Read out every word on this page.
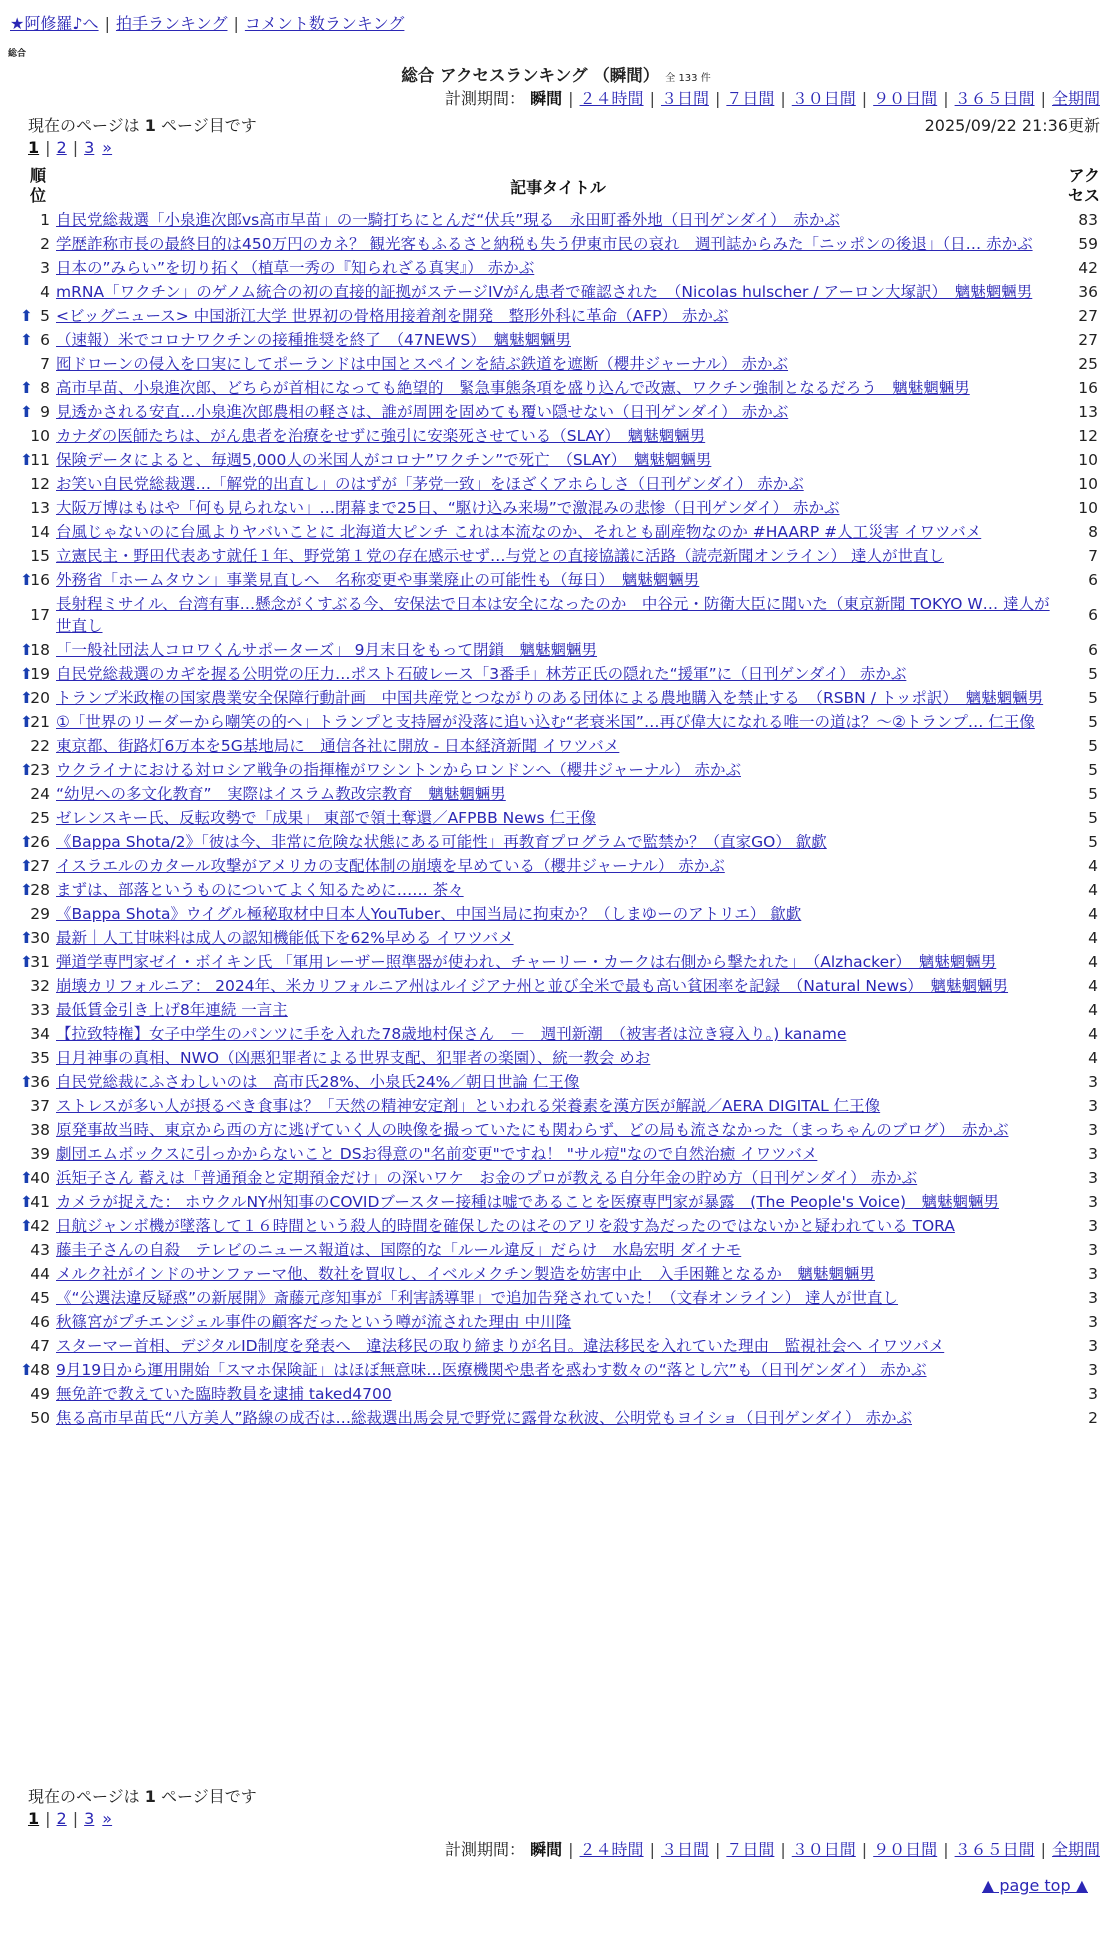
★阿修羅♪へ | 拍手ランキング | コメント数ランキング
総合
総合 アクセスランキング （瞬間） 全 133 件
計測期間： 瞬間 | ２４時間 | ３日間 | ７日間 | ３０日間 | ９０日間 | ３６５日間 | 全期間
現在のページは 1 ページ目です	2025/09/22 21:36更新
1 | 2 | 3 »
順位		記事タイトル	アクセス
	1	自民党総裁選「小泉進次郎vs高市早苗」の一騎打ちにとんだ“伏兵”現る　永田町番外地（日刊ゲンダイ）　赤かぶ	83
	2	学歴詐称市長の最終目的は450万円のカネ？ 観光客もふるさと納税も失う伊東市民の哀れ　週刊誌からみた「ニッポンの後退」（日… 赤かぶ	59
	3	日本の”みらい”を切り拓く（植草一秀の『知られざる真実』） 赤かぶ	42
	4	mRNA「ワクチン」のゲノム統合の初の直接的証拠がステージIVがん患者で確認された　（Nicolas hulscher / アーロン大塚訳）　魑魅魍魎男	36
⬆	5	<ビッグニュース> 中国浙江大学 世界初の骨格用接着剤を開発　整形外科に革命（AFP） 赤かぶ	27
⬆	6	（速報）米でコロナワクチンの接種推奨を終了　（47NEWS）　魑魅魍魎男	27
	7	囮ドローンの侵入を口実にしてポーランドは中国とスペインを結ぶ鉄道を遮断（櫻井ジャーナル） 赤かぶ	25
⬆	8	高市早苗、小泉進次郎、どちらが首相になっても絶望的　緊急事態条項を盛り込んで改憲、ワクチン強制となるだろう　魑魅魍魎男	16
⬆	9	見透かされる安直…小泉進次郎農相の軽さは、誰が周囲を固めても覆い隠せない（日刊ゲンダイ） 赤かぶ	13
	10	カナダの医師たちは、がん患者を治療をせずに強引に安楽死させている（SLAY）　魑魅魍魎男	12
⬆	11	保険データによると、毎週5,000人の米国人がコロナ”ワクチン”で死亡　（SLAY）　魑魅魍魎男	10
	12	お笑い自民党総裁選…「解党的出直し」のはずが「茅党一致」をほざくアホらしさ（日刊ゲンダイ） 赤かぶ	10
	13	大阪万博はもはや「何も見られない」…閉幕まで25日、“駆け込み来場”で激混みの悲惨（日刊ゲンダイ） 赤かぶ	10
	14	台風じゃないのに台風よりヤバいことに 北海道大ピンチ これは本流なのか、それとも副産物なのか #HAARP #人工災害 イワツバメ	8
	15	立憲民主・野田代表あす就任１年、野党第１党の存在感示せず…与党との直接協議に活路（読売新聞オンライン） 達人が世直し	7
⬆	16	外務省「ホームタウン」事業見直しへ　名称変更や事業廃止の可能性も（毎日）　魑魅魍魎男	6
	17	長射程ミサイル、台湾有事…懸念がくすぶる今、安保法で日本は安全になったのか　中谷元・防衛大臣に聞いた（東京新聞 TOKYO W… 達人が世直し	6
⬆	18	「一般社団法人コロワくんサポーターズ」 9月末日をもって閉鎖　魑魅魍魎男	6
⬆	19	自民党総裁選のカギを握る公明党の圧力…ポスト石破レース「3番手」林芳正氏の隠れた“援軍”に（日刊ゲンダイ） 赤かぶ	5
⬆	20	トランプ米政権の国家農業安全保障行動計画　中国共産党とつながりのある団体による農地購入を禁止する　（RSBN / トッポ訳）　魑魅魍魎男	5
⬆	21	①「世界のリーダーから嘲笑の的へ」トランプと支持層が没落に追い込む“老衰米国”…再び偉大になれる唯一の道は？～②トランプ… 仁王像	5
	22	東京都、街路灯6万本を5G基地局に　通信各社に開放 - 日本経済新聞 イワツバメ	5
⬆	23	ウクライナにおける対ロシア戦争の指揮権がワシントンからロンドンへ（櫻井ジャーナル） 赤かぶ	5
	24	“幼児への多文化教育”　実際はイスラム教改宗教育　魑魅魍魎男	5
	25	ゼレンスキー氏、反転攻勢で「成果」 東部で領土奪還／AFPBB News 仁王像	5
⬆	26	《Bappa Shota/2》「彼は今、非常に危険な状態にある可能性」再教育プログラムで監禁か？（直家GO） 歙歔	5
⬆	27	イスラエルのカタール攻撃がアメリカの支配体制の崩壊を早めている（櫻井ジャーナル） 赤かぶ	4
⬆	28	まずは、部落というものについてよく知るために…… 茶々	4
	29	《Bappa Shota》ウイグル極秘取材中日本人YouTuber、中国当局に拘束か？（しまゆーのアトリエ） 歙歔	4
⬆	30	最新｜人工甘味料は成人の認知機能低下を62%早める イワツバメ	4
⬆	31	弾道学専門家ゼイ・ボイキン氏 「軍用レーザー照準器が使われ、チャーリー・カークは右側から撃たれた」　（Alzhacker）　魑魅魍魎男	4
	32	崩壊カリフォルニア： 2024年、米カリフォルニア州はルイジアナ州と並び全米で最も高い貧困率を記録　（Natural News）　魑魅魍魎男	4
	33	最低賃金引き上げ8年連続 一言主	4
	34	【拉致特権】女子中学生のパンツに手を入れた78歳地村保さん　－　週刊新潮　（被害者は泣き寝入り。) kaname	4
	35	日月神事の真相、NWO（凶悪犯罪者による世界支配、犯罪者の楽園）、統一教会 めお	4
⬆	36	自民党総裁にふさわしいのは　高市氏28%、小泉氏24%／朝日世論 仁王像	3
	37	ストレスが多い人が摂るべき食事は？「天然の精神安定剤」といわれる栄養素を漢方医が解説／AERA DIGITAL 仁王像	3
	38	原発事故当時、東京から西の方に逃げていく人の映像を撮っていたにも関わらず、どの局も流さなかった（まっちゃんのブログ）　赤かぶ	3
	39	劇団エムボックスに引っかからないこと DSお得意の"名前変更"ですね！ "サル痘"なので自然治癒 イワツバメ	3
⬆	40	浜矩子さん 蓄えは「普通預金と定期預金だけ」の深いワケ　お金のプロが教える自分年金の貯め方（日刊ゲンダイ） 赤かぶ	3
⬆	41	カメラが捉えた： ホウクルNY州知事のCOVIDブースター接種は嘘であることを医療専門家が暴露　(The People's Voice)　魑魅魍魎男	3
⬆	42	日航ジャンボ機が墜落して１６時間という殺人的時間を確保したのはそのアリを殺す為だったのではないかと疑われている TORA	3
	43	藤圭子さんの自殺　テレビのニュース報道は、国際的な「ルール違反」だらけ　水島宏明 ダイナモ	3
	44	メルク社がインドのサンファーマ他、数社を買収し、イベルメクチン製造を妨害中止　入手困難となるか　魑魅魍魎男	3
	45	《“公選法違反疑惑”の新展開》斎藤元彦知事が「利害誘導罪」で追加告発されていた！（文春オンライン） 達人が世直し	3
	46	秋篠宮がプチエンジェル事件の顧客だったという噂が流された理由 中川隆	3
	47	スターマー首相、デジタルID制度を発表へ　違法移民の取り締まりが名目。違法移民を入れていた理由　監視社会へ イワツバメ	3
⬆	48	9月19日から運用開始「スマホ保険証」はほぼ無意味…医療機関や患者を惑わす数々の“落とし穴”も（日刊ゲンダイ） 赤かぶ	3
	49	無免許で教えていた臨時教員を逮捕 taked4700	3
	50	焦る高市早苗氏“八方美人”路線の成否は…総裁選出馬会見で野党に露骨な秋波、公明党もヨイショ（日刊ゲンダイ） 赤かぶ	2
現在のページは 1 ページ目です
1 | 2 | 3 »
計測期間： 瞬間 | ２４時間 | ３日間 | ７日間 | ３０日間 | ９０日間 | ３６５日間 | 全期間
▲ page top ▲
